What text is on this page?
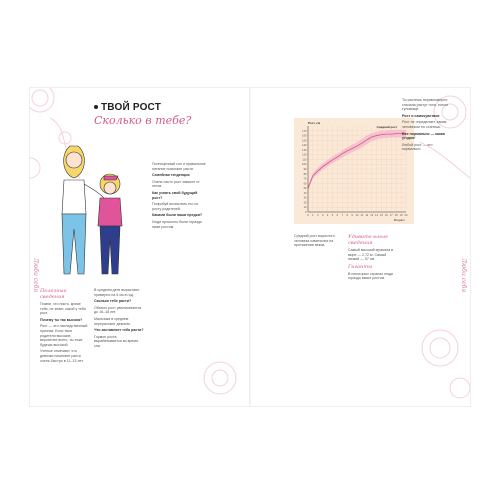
Люби себя
ТВОЙ РОСТ
Сколько в тебе?

Полезные сведения

Помни, что никто, кроме тебя, не знает, какой у тебя рост.

Почему ты так высока?

Рост — это наследственный признак. Если твои родители высокие, вероятнее всего, ты тоже будешь высокой.

Ученые отмечают, что девочки начинают расти очень быстро в 11–13 лет.

В среднем дети вырастают примерно на 5 см в год.

Сколько тебе расти?

Обычно рост увеличивается до 16–18 лет.

Мальчики в среднем перерастают девочек.

Что заставляет тебя расти?

Гормон роста вырабатывается во время сна.

Полноценный сон и правильное питание помогают расти.

Семейная тенденция

Очень часто рост зависит от генов.

Как узнать свой будущий рост?

Попробуй вычислить его по росту родителей.

Какими были наши предки?

Люди прошлого были гораздо ниже ростом.

Люби себя
0
10
20
30
40
50
60
70
80
90
100
110
120
130
140
150
160
170
0 1 2 3 4 5 6 7 8 9 10 11 12 13 14 15 16 17 18 19 20
Рост, см
Возраст
Средний рост

Средний рост взрослого человека изменялся на протяжении веков.

Удивительные сведения

Самый высокий мужчина в мире — 2,72 м. Самый низкий — 57 см.

Гиганты

В некоторых странах люди гораздо выше ростом.

Ты растешь неравномерно: сначала растут ноги, потом туловище.

Рост и самочувствие

Рост не определяет, каким человеком ты станешь.

Все нормально — какая угодно!

Любой рост — это нормально.
